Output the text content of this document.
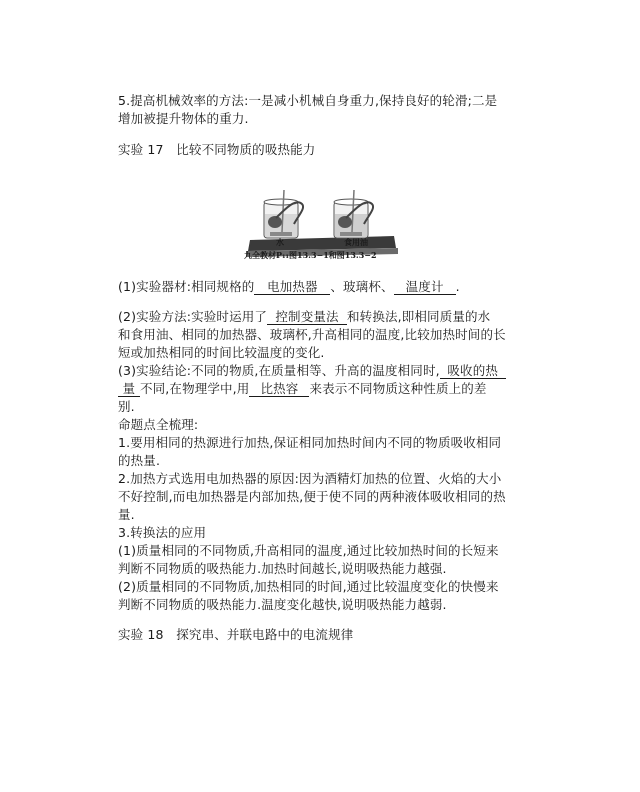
5.提高机械效率的方法:一是减小机械自身重力,保持良好的轮滑;二是
增加被提升物体的重力.
实验 17　比较不同物质的吸热能力
水	食用油
九全教材P₁₁图13.3−1和图13.3−2
(1)实验器材:相同规格的 电加热器 、玻璃杯、 温度计 .
(2)实验方法:实验时运用了 控制变量法 和转换法,即相同质量的水
和食用油、相同的加热器、玻璃杯,升高相同的温度,比较加热时间的长
短或加热相同的时间比较温度的变化.
(3)实验结论:不同的物质,在质量相等、升高的温度相同时, 吸收的热
量 不同,在物理学中,用 比热容 来表示不同物质这种性质上的差
别.
命题点全梳理:
1.要用相同的热源进行加热,保证相同加热时间内不同的物质吸收相同
的热量.
2.加热方式选用电加热器的原因:因为酒精灯加热的位置、火焰的大小
不好控制,而电加热器是内部加热,便于使不同的两种液体吸收相同的热
量.
3.转换法的应用
(1)质量相同的不同物质,升高相同的温度,通过比较加热时间的长短来
判断不同物质的吸热能力.加热时间越长,说明吸热能力越强.
(2)质量相同的不同物质,加热相同的时间,通过比较温度变化的快慢来
判断不同物质的吸热能力.温度变化越快,说明吸热能力越弱.
实验 18　探究串、并联电路中的电流规律
